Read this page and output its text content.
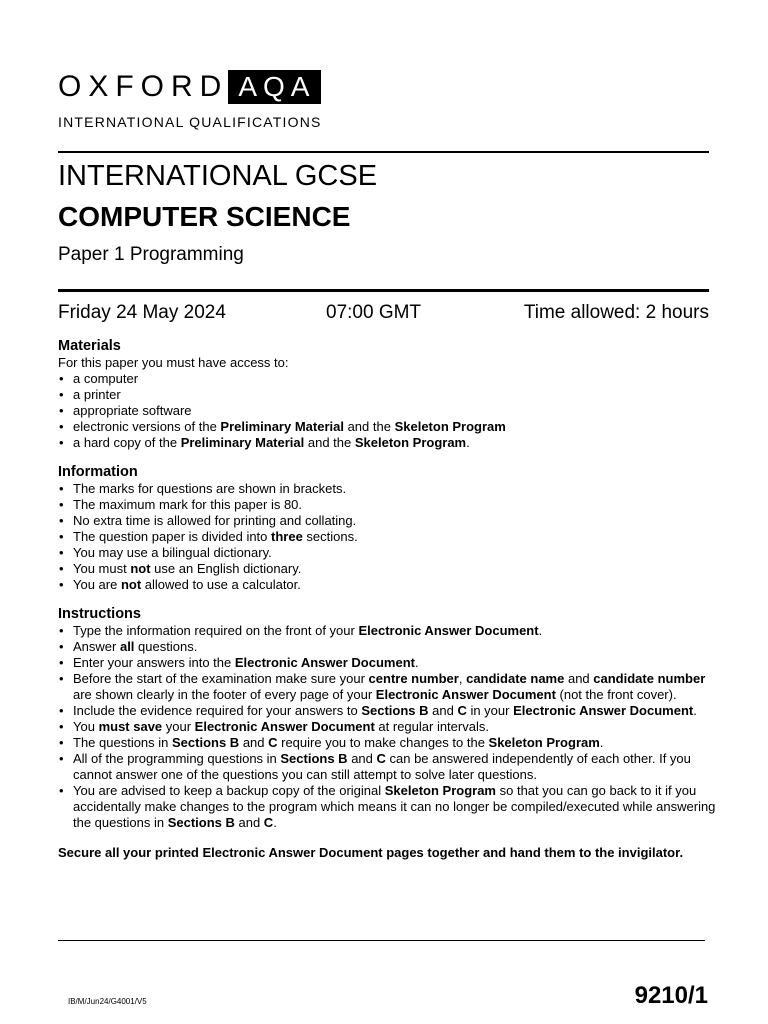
OXFORD AQA
INTERNATIONAL QUALIFICATIONS
INTERNATIONAL GCSE
COMPUTER SCIENCE
Paper 1 Programming
Friday 24 May 2024	07:00 GMT	Time allowed: 2 hours
Materials
For this paper you must have access to:
• a computer
• a printer
• appropriate software
• electronic versions of the Preliminary Material and the Skeleton Program
• a hard copy of the Preliminary Material and the Skeleton Program.
Information
• The marks for questions are shown in brackets.
• The maximum mark for this paper is 80.
• No extra time is allowed for printing and collating.
• The question paper is divided into three sections.
• You may use a bilingual dictionary.
• You must not use an English dictionary.
• You are not allowed to use a calculator.
Instructions
• Type the information required on the front of your Electronic Answer Document.
• Answer all questions.
• Enter your answers into the Electronic Answer Document.
• Before the start of the examination make sure your centre number, candidate name and candidate number are shown clearly in the footer of every page of your Electronic Answer Document (not the front cover).
• Include the evidence required for your answers to Sections B and C in your Electronic Answer Document.
• You must save your Electronic Answer Document at regular intervals.
• The questions in Sections B and C require you to make changes to the Skeleton Program.
• All of the programming questions in Sections B and C can be answered independently of each other. If you cannot answer one of the questions you can still attempt to solve later questions.
• You are advised to keep a backup copy of the original Skeleton Program so that you can go back to it if you accidentally make changes to the program which means it can no longer be compiled/executed while answering the questions in Sections B and C.
Secure all your printed Electronic Answer Document pages together and hand them to the invigilator.
IB/M/Jun24/G4001/V5	9210/1
